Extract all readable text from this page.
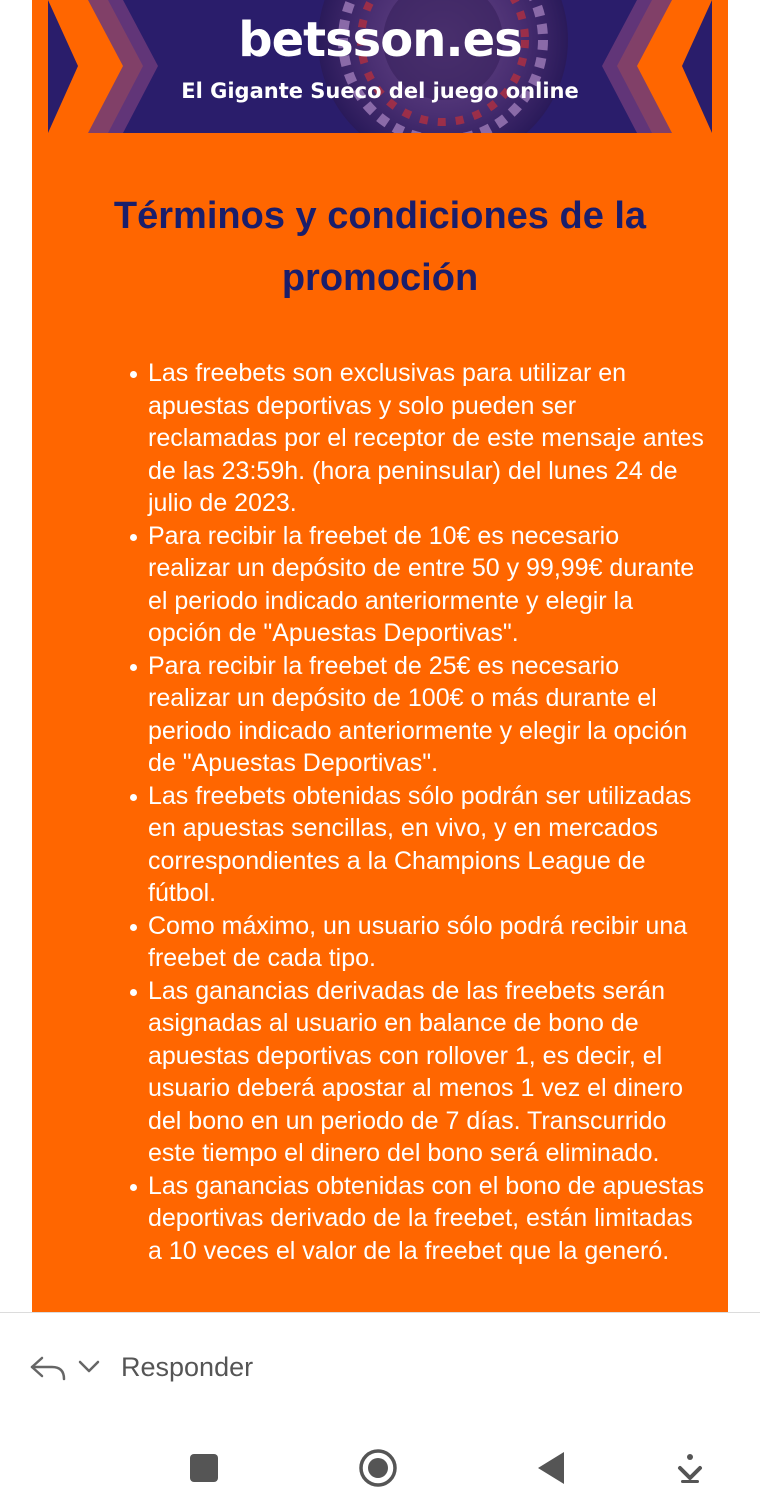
betsson.es
El Gigante Sueco del juego online
Términos y condiciones de la promoción
Las freebets son exclusivas para utilizar en apuestas deportivas y solo pueden ser reclamadas por el receptor de este mensaje antes de las 23:59h. (hora peninsular) del lunes 24 de julio de 2023.
Para recibir la freebet de 10€ es necesario realizar un depósito de entre 50 y 99,99€ durante el periodo indicado anteriormente y elegir la opción de "Apuestas Deportivas".
Para recibir la freebet de 25€ es necesario realizar un depósito de 100€ o más durante el periodo indicado anteriormente y elegir la opción de "Apuestas Deportivas".
Las freebets obtenidas sólo podrán ser utilizadas en apuestas sencillas, en vivo, y en mercados correspondientes a la Champions League de fútbol.
Como máximo, un usuario sólo podrá recibir una freebet de cada tipo.
Las ganancias derivadas de las freebets serán asignadas al usuario en balance de bono de apuestas deportivas con rollover 1, es decir, el usuario deberá apostar al menos 1 vez el dinero del bono en un periodo de 7 días. Transcurrido este tiempo el dinero del bono será eliminado.
Las ganancias obtenidas con el bono de apuestas deportivas derivado de la freebet, están limitadas a 10 veces el valor de la freebet que la generó.
Responder
